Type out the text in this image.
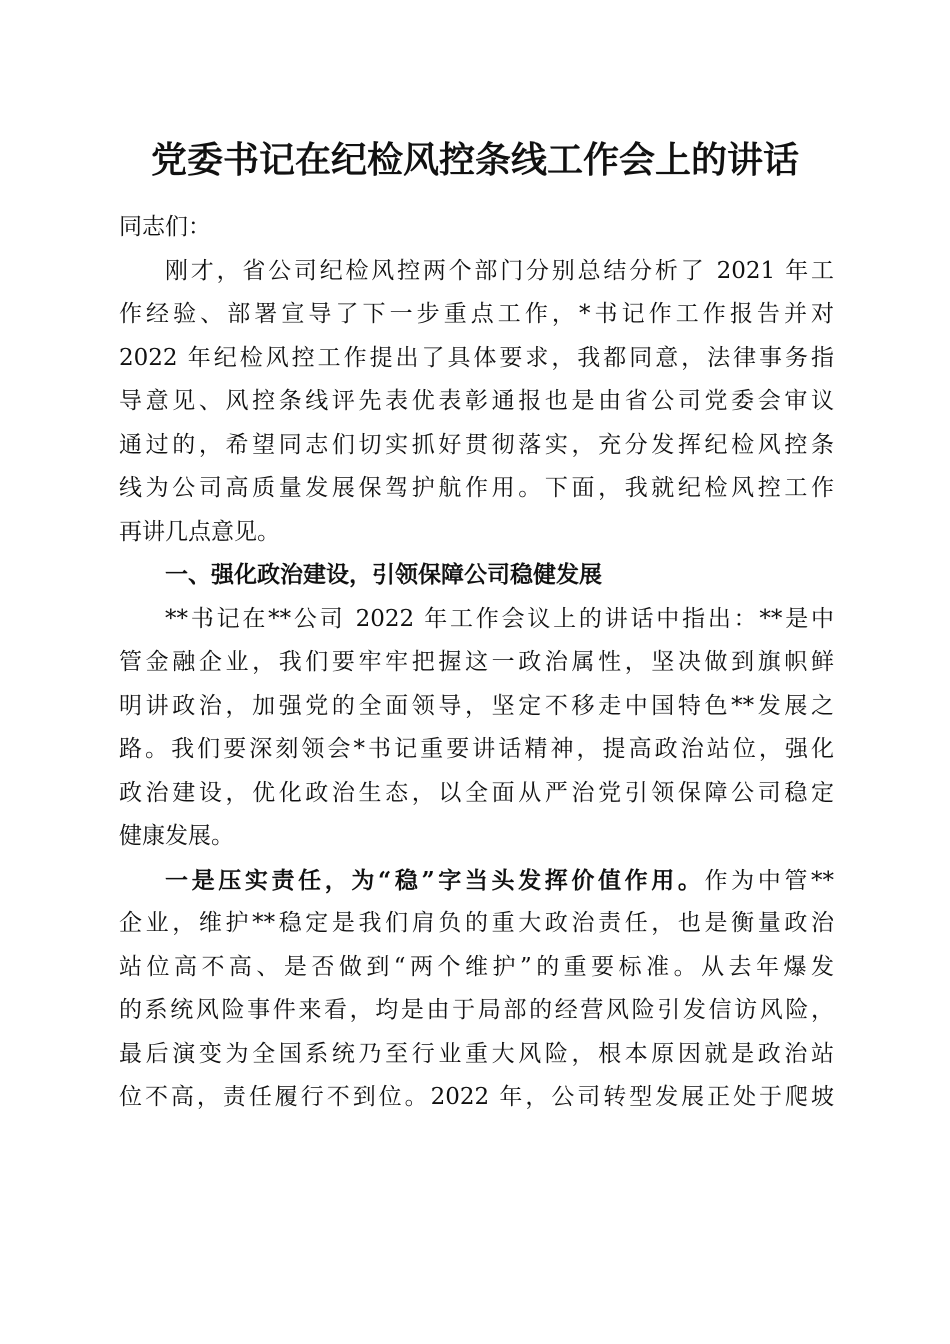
党委书记在纪检风控条线工作会上的讲话
同志们：
刚才，省公司纪检风控两个部门分别总结分析了 2021 年工
作经验、部署宣导了下一步重点工作，*书记作工作报告并对
2022 年纪检风控工作提出了具体要求，我都同意，法律事务指
导意见、风控条线评先表优表彰通报也是由省公司党委会审议
通过的，希望同志们切实抓好贯彻落实，充分发挥纪检风控条
线为公司高质量发展保驾护航作用。下面，我就纪检风控工作
再讲几点意见。
一、强化政治建设，引领保障公司稳健发展
**书记在**公司 2022 年工作会议上的讲话中指出：**是中
管金融企业，我们要牢牢把握这一政治属性，坚决做到旗帜鲜
明讲政治，加强党的全面领导，坚定不移走中国特色**发展之
路。我们要深刻领会*书记重要讲话精神，提高政治站位，强化
政治建设，优化政治生态，以全面从严治党引领保障公司稳定
健康发展。
一是压实责任，为“稳”字当头发挥价值作用。作为中管**
企业，维护**稳定是我们肩负的重大政治责任，也是衡量政治
站位高不高、是否做到“两个维护”的重要标准。从去年爆发
的系统风险事件来看，均是由于局部的经营风险引发信访风险，
最后演变为全国系统乃至行业重大风险，根本原因就是政治站
位不高，责任履行不到位。2022 年，公司转型发展正处于爬坡
